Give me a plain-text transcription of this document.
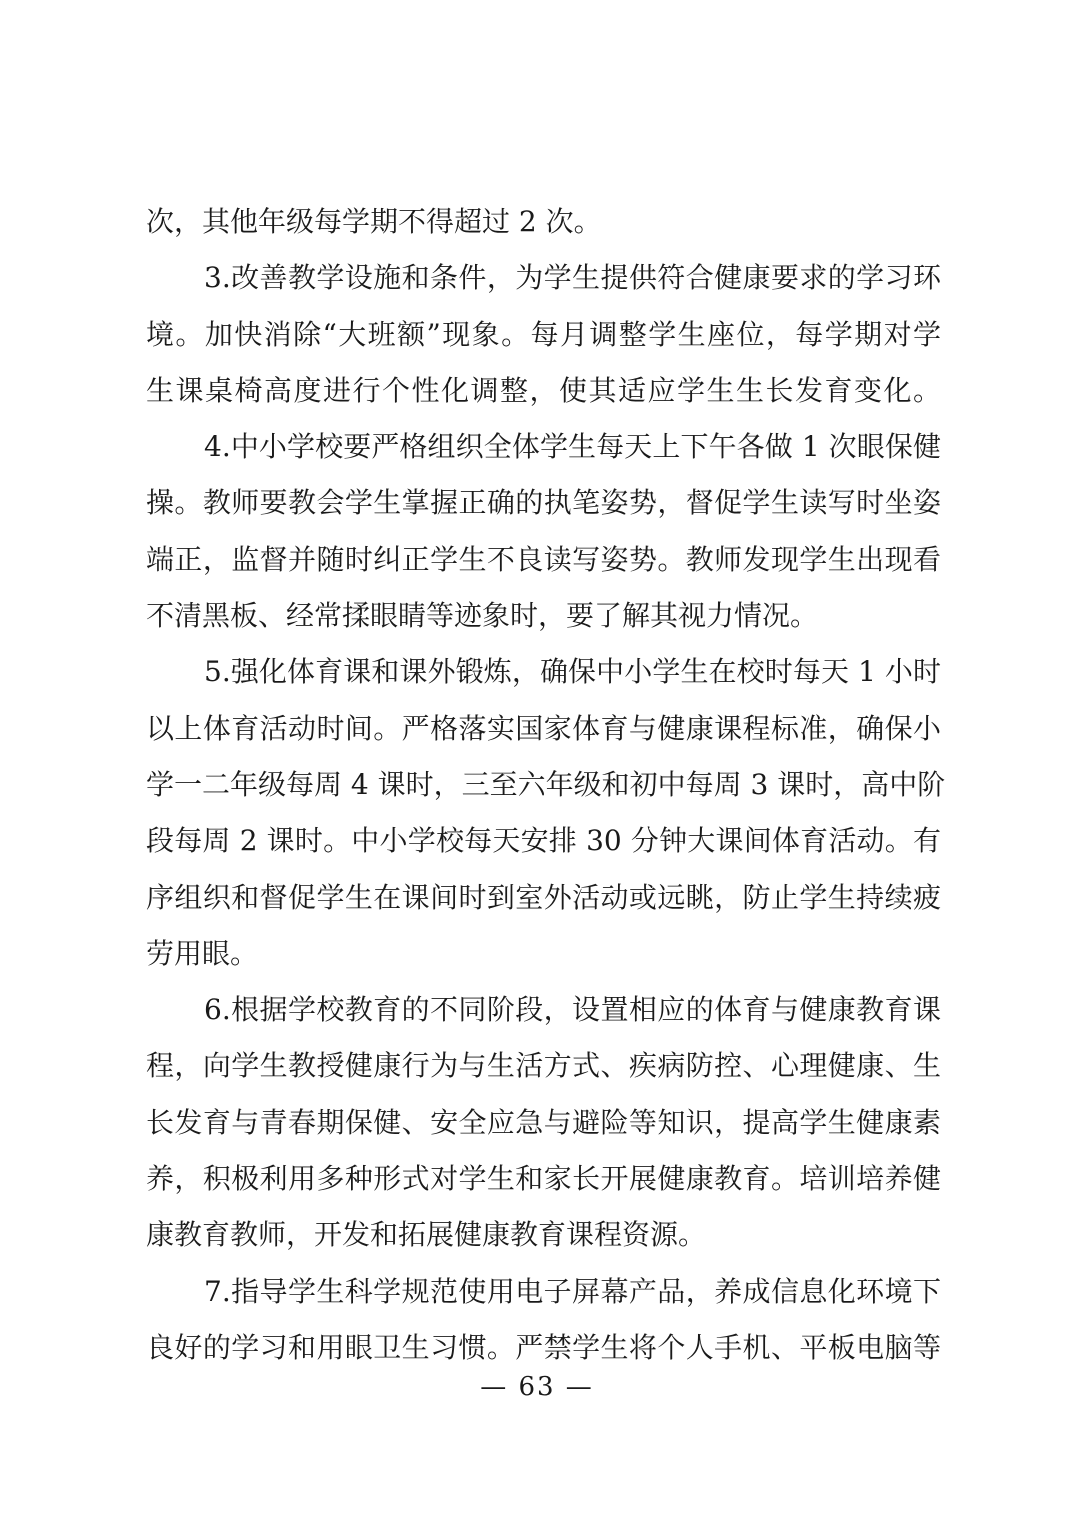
次，其他年级每学期不得超过 2 次。
3.改善教学设施和条件，为学生提供符合健康要求的学习环
境。加快消除“大班额”现象。每月调整学生座位，每学期对学
生课桌椅高度进行个性化调整，使其适应学生生长发育变化。
4.中小学校要严格组织全体学生每天上下午各做 1 次眼保健
操。教师要教会学生掌握正确的执笔姿势，督促学生读写时坐姿
端正，监督并随时纠正学生不良读写姿势。教师发现学生出现看
不清黑板、经常揉眼睛等迹象时，要了解其视力情况。
5.强化体育课和课外锻炼，确保中小学生在校时每天 1 小时
以上体育活动时间。严格落实国家体育与健康课程标准，确保小
学一二年级每周 4 课时，三至六年级和初中每周 3 课时，高中阶
段每周 2 课时。中小学校每天安排 30 分钟大课间体育活动。有
序组织和督促学生在课间时到室外活动或远眺，防止学生持续疲
劳用眼。
6.根据学校教育的不同阶段，设置相应的体育与健康教育课
程，向学生教授健康行为与生活方式、疾病防控、心理健康、生
长发育与青春期保健、安全应急与避险等知识，提高学生健康素
养，积极利用多种形式对学生和家长开展健康教育。培训培养健
康教育教师，开发和拓展健康教育课程资源。
7.指导学生科学规范使用电子屏幕产品，养成信息化环境下
良好的学习和用眼卫生习惯。严禁学生将个人手机、平板电脑等
— 63 —
